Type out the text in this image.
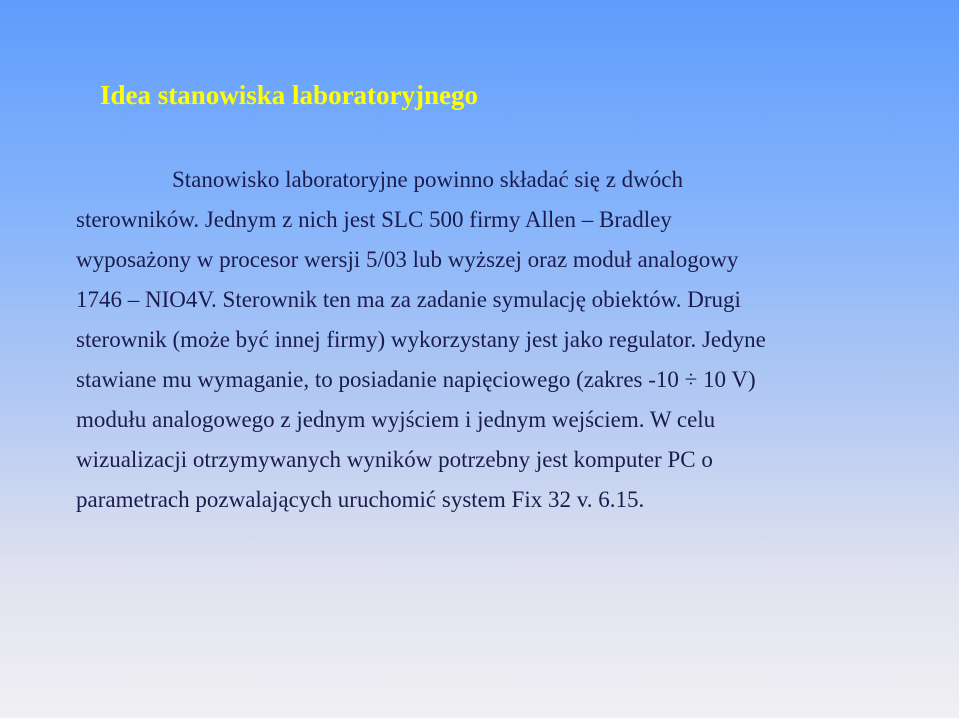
Idea stanowiska laboratoryjnego
Stanowisko laboratoryjne powinno składać się z dwóch
sterowników. Jednym z nich jest SLC 500 firmy Allen – Bradley
wyposażony w procesor wersji 5/03 lub wyższej oraz moduł analogowy
1746 – NIO4V. Sterownik ten ma za zadanie symulację obiektów. Drugi
sterownik (może być innej firmy) wykorzystany jest jako regulator. Jedyne
stawiane mu wymaganie, to posiadanie napięciowego (zakres -10 ÷ 10 V)
modułu analogowego z jednym wyjściem i jednym wejściem. W celu
wizualizacji otrzymywanych wyników potrzebny jest komputer PC o
parametrach pozwalających uruchomić system Fix 32 v. 6.15.
